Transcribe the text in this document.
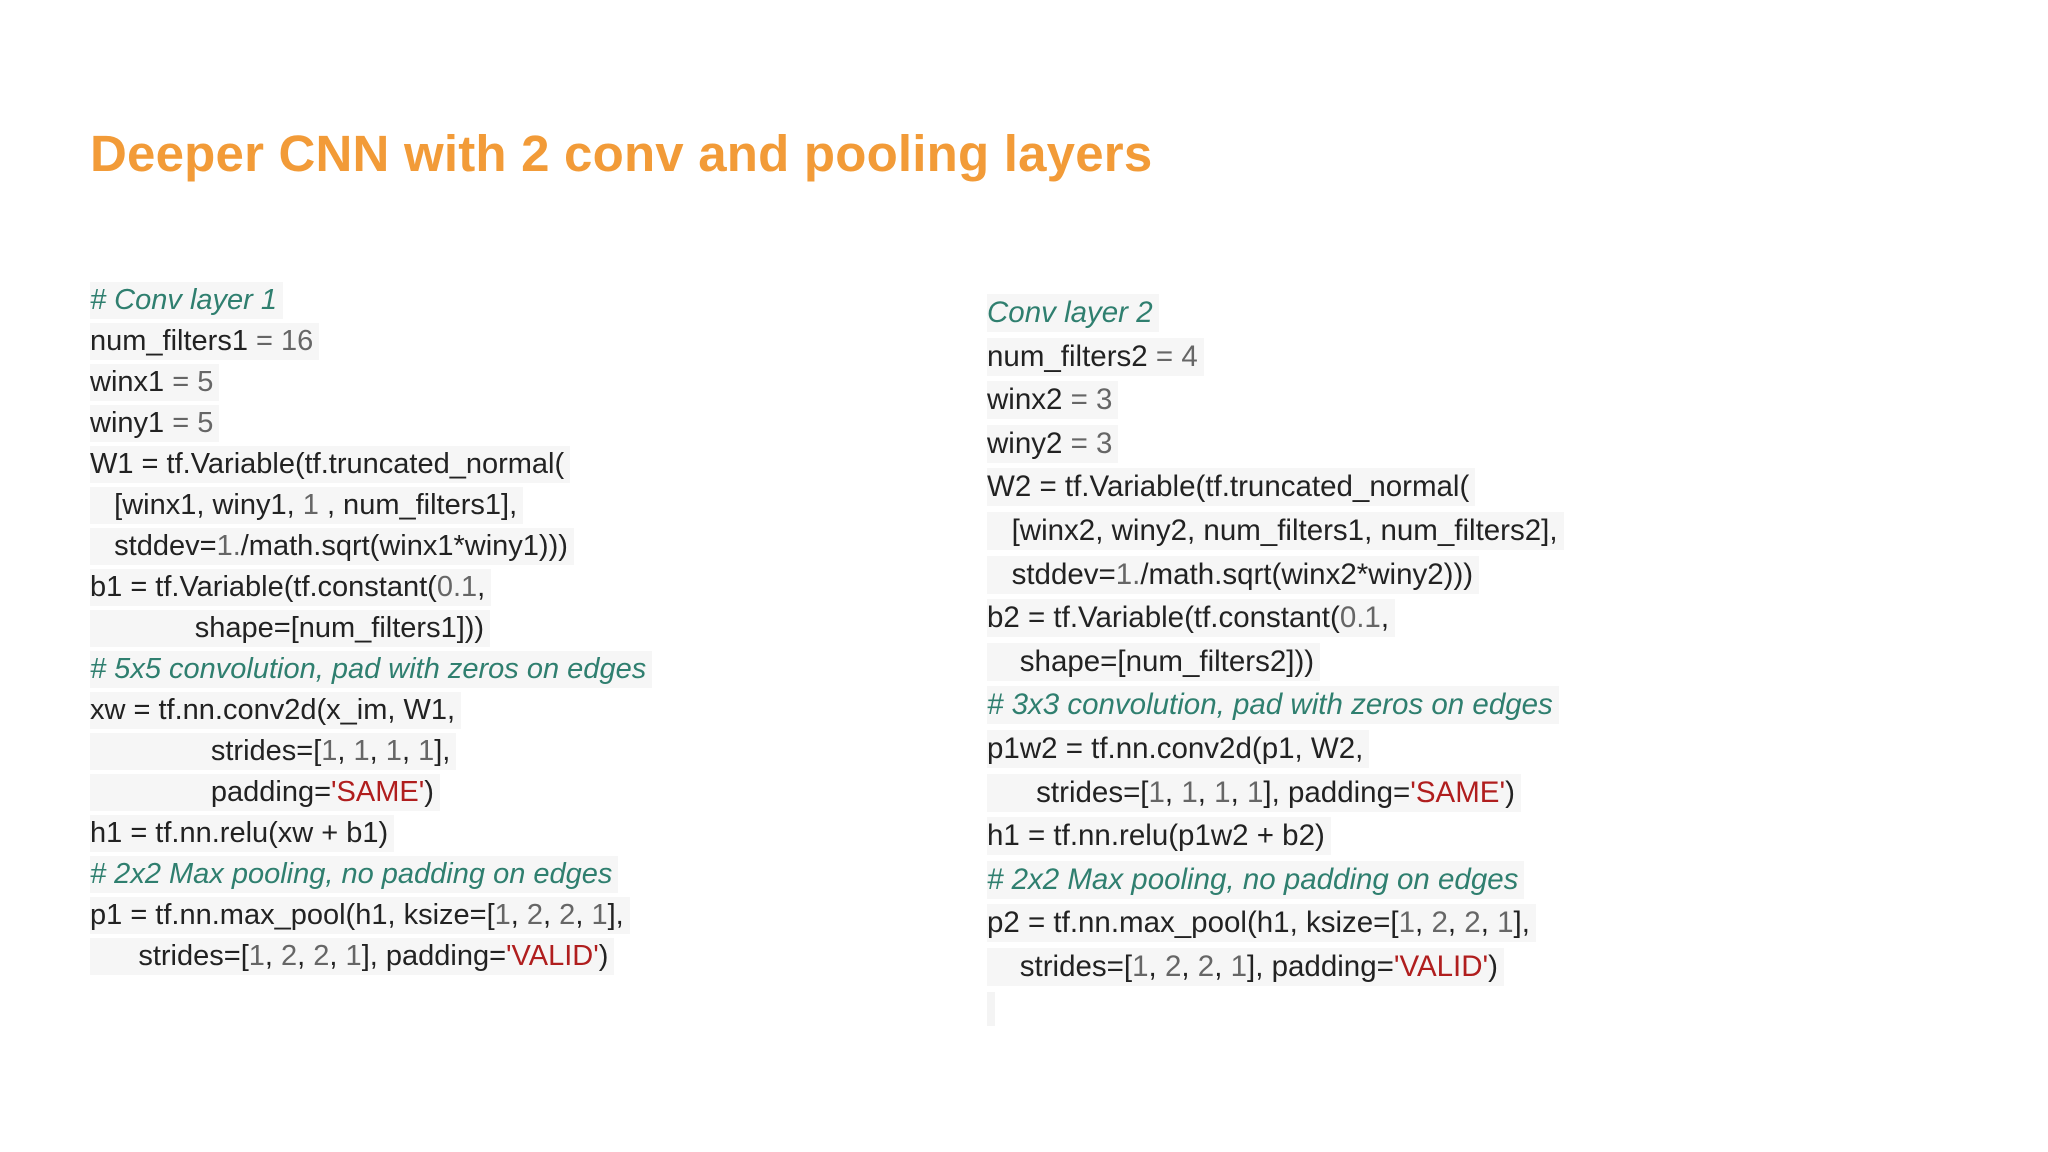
Deeper CNN with 2 conv and pooling layers
# Conv layer 1
num_filters1 = 16
winx1 = 5
winy1 = 5
W1 = tf.Variable(tf.truncated_normal(
[winx1, winy1, 1 , num_filters1],
stddev=1./math.sqrt(winx1*winy1)))
b1 = tf.Variable(tf.constant(0.1,
shape=[num_filters1]))
# 5x5 convolution, pad with zeros on edges
xw = tf.nn.conv2d(x_im, W1,
strides=[1, 1, 1, 1],
padding='SAME')
h1 = tf.nn.relu(xw + b1)
# 2x2 Max pooling, no padding on edges
p1 = tf.nn.max_pool(h1, ksize=[1, 2, 2, 1],
strides=[1, 2, 2, 1], padding='VALID')
Conv layer 2
num_filters2 = 4
winx2 = 3
winy2 = 3
W2 = tf.Variable(tf.truncated_normal(
[winx2, winy2, num_filters1, num_filters2],
stddev=1./math.sqrt(winx2*winy2)))
b2 = tf.Variable(tf.constant(0.1,
shape=[num_filters2]))
# 3x3 convolution, pad with zeros on edges
p1w2 = tf.nn.conv2d(p1, W2,
strides=[1, 1, 1, 1], padding='SAME')
h1 = tf.nn.relu(p1w2 + b2)
# 2x2 Max pooling, no padding on edges
p2 = tf.nn.max_pool(h1, ksize=[1, 2, 2, 1],
strides=[1, 2, 2, 1], padding='VALID')
